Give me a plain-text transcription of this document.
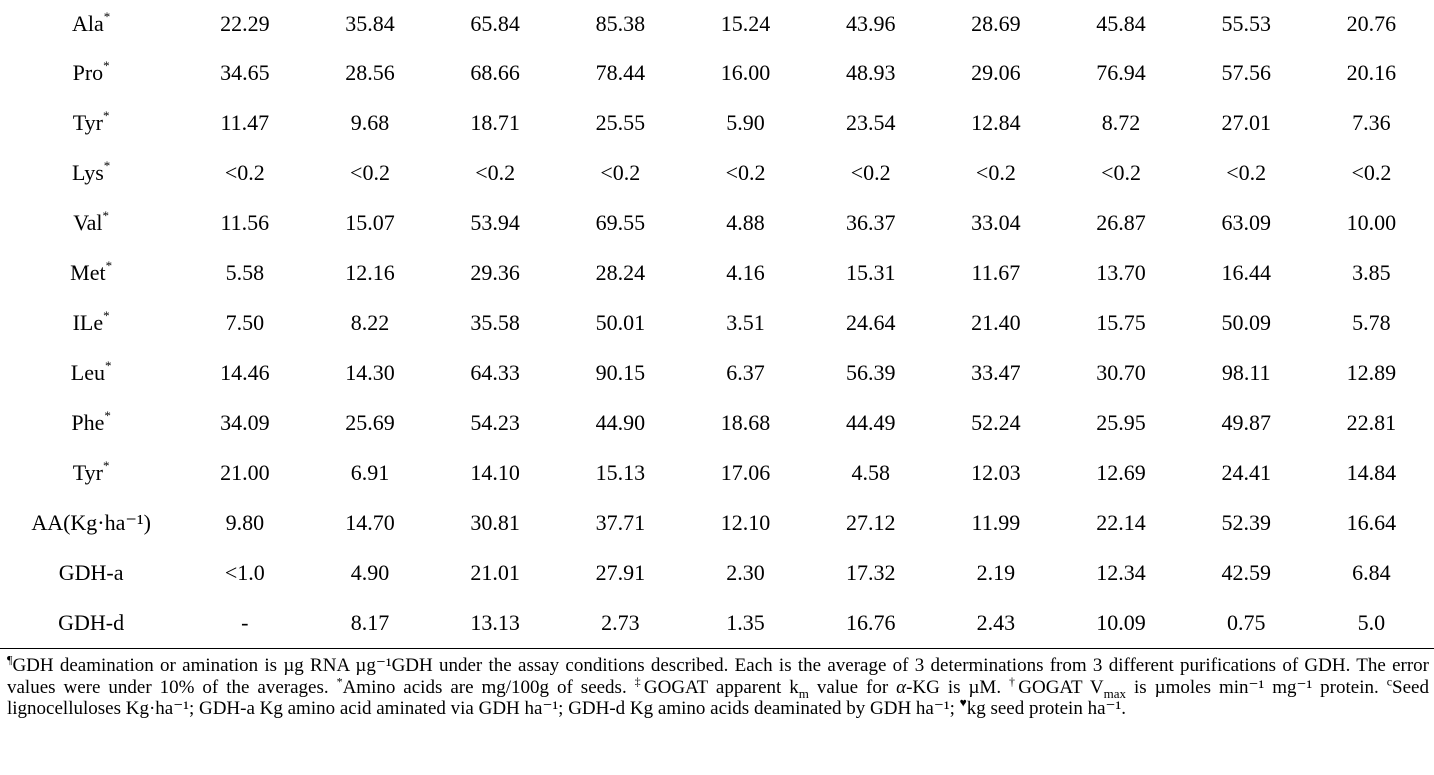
Ala*	22.29	35.84	65.84	85.38	15.24	43.96	28.69	45.84	55.53	20.76
Pro*	34.65	28.56	68.66	78.44	16.00	48.93	29.06	76.94	57.56	20.16
Tyr*	11.47	9.68	18.71	25.55	5.90	23.54	12.84	8.72	27.01	7.36
Lys*	<0.2	<0.2	<0.2	<0.2	<0.2	<0.2	<0.2	<0.2	<0.2	<0.2
Val*	11.56	15.07	53.94	69.55	4.88	36.37	33.04	26.87	63.09	10.00
Met*	5.58	12.16	29.36	28.24	4.16	15.31	11.67	13.70	16.44	3.85
ILe*	7.50	8.22	35.58	50.01	3.51	24.64	21.40	15.75	50.09	5.78
Leu*	14.46	14.30	64.33	90.15	6.37	56.39	33.47	30.70	98.11	12.89
Phe*	34.09	25.69	54.23	44.90	18.68	44.49	52.24	25.95	49.87	22.81
Tyr*	21.00	6.91	14.10	15.13	17.06	4.58	12.03	12.69	24.41	14.84
AA(Kg·ha⁻¹)	9.80	14.70	30.81	37.71	12.10	27.12	11.99	22.14	52.39	16.64
GDH-a	<1.0	4.90	21.01	27.91	2.30	17.32	2.19	12.34	42.59	6.84
GDH-d	-	8.17	13.13	2.73	1.35	16.76	2.43	10.09	0.75	5.0

¶GDH deamination or amination is µg RNA µg⁻¹GDH under the assay conditions described. Each is the average of 3 determinations from 3 different purifications of GDH. The error values were under 10% of the averages. *Amino acids are mg/100g of seeds. ‡GOGAT apparent $k_m$ value for α-KG is µM. †GOGAT $V_{max}$ is µmoles min⁻¹ mg⁻¹ protein. $^c$Seed lignocelluloses Kg·ha⁻¹; GDH-a Kg amino acid aminated via GDH ha⁻¹; GDH-d Kg amino acids deaminated by GDH ha⁻¹; ♥kg seed protein ha⁻¹.
